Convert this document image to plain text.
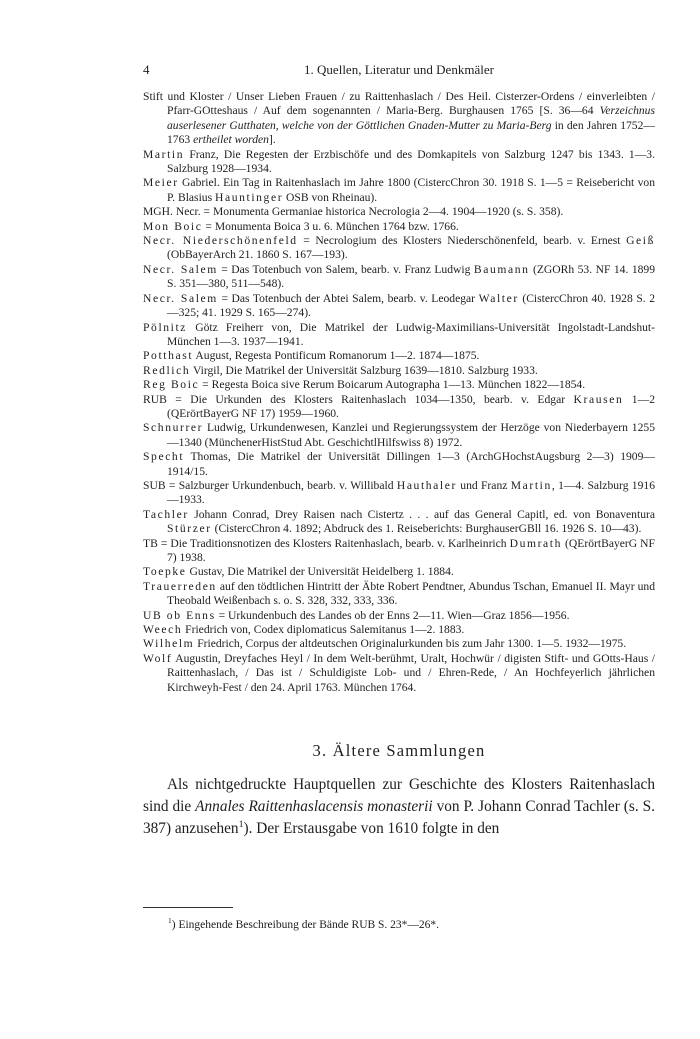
4	1. Quellen, Literatur und Denkmäler

Stift und Kloster / Unser Lieben Frauen / zu Raittenhaslach / Des Heil. Cisterzer-Ordens / einverleibten / Pfarr-GOtteshaus / Auf dem sogenannten / Maria-Berg. Burghausen 1765 [S. 36—64 Verzeichnus auserlesener Gutthaten, welche von der Göttlichen Gnaden-Mutter zu Maria-Berg in den Jahren 1752—1763 ertheilet worden].

Martin Franz, Die Regesten der Erzbischöfe und des Domkapitels von Salzburg 1247 bis 1343. 1—3. Salzburg 1928—1934.

Meier Gabriel. Ein Tag in Raitenhaslach im Jahre 1800 (CistercChron 30. 1918 S. 1—5 = Reisebericht von P. Blasius Hauntinger OSB von Rheinau).

MGH. Necr. = Monumenta Germaniae historica Necrologia 2—4. 1904—1920 (s. S. 358).

Mon Boic = Monumenta Boica 3 u. 6. München 1764 bzw. 1766.

Necr. Niederschönenfeld = Necrologium des Klosters Niederschönenfeld, bearb. v. Ernest Geiß (ObBayerArch 21. 1860 S. 167—193).

Necr. Salem = Das Totenbuch von Salem, bearb. v. Franz Ludwig Baumann (ZGORh 53. NF 14. 1899 S. 351—380, 511—548).

Necr. Salem = Das Totenbuch der Abtei Salem, bearb. v. Leodegar Walter (CistercChron 40. 1928 S. 2—325; 41. 1929 S. 165—274).

Pölnitz Götz Freiherr von, Die Matrikel der Ludwig-Maximilians-Universität Ingolstadt-Landshut-München 1—3. 1937—1941.

Potthast August, Regesta Pontificum Romanorum 1—2. 1874—1875.

Redlich Virgil, Die Matrikel der Universität Salzburg 1639—1810. Salzburg 1933.

Reg Boic = Regesta Boica sive Rerum Boicarum Autographa 1—13. München 1822—1854.

RUB = Die Urkunden des Klosters Raitenhaslach 1034—1350, bearb. v. Edgar Krausen 1—2 (QErörtBayerG NF 17) 1959—1960.

Schnurrer Ludwig, Urkundenwesen, Kanzlei und Regierungssystem der Herzöge von Niederbayern 1255—1340 (MünchenerHistStud Abt. GeschichtlHilfswiss 8) 1972.

Specht Thomas, Die Matrikel der Universität Dillingen 1—3 (ArchGHochstAugsburg 2—3) 1909—1914/15.

SUB = Salzburger Urkundenbuch, bearb. v. Willibald Hauthaler und Franz Martin, 1—4. Salzburg 1916—1933.

Tachler Johann Conrad, Drey Raisen nach Cistertz . . . auf das General Capitl, ed. von Bonaventura Stürzer (CistercChron 4. 1892; Abdruck des 1. Reiseberichts: BurghauserGBll 16. 1926 S. 10—43).

TB = Die Traditionsnotizen des Klosters Raitenhaslach, bearb. v. Karlheinrich Dumrath (QErörtBayerG NF 7) 1938.

Toepke Gustav, Die Matrikel der Universität Heidelberg 1. 1884.

Trauerreden auf den tödtlichen Hintritt der Äbte Robert Pendtner, Abundus Tschan, Emanuel II. Mayr und Theobald Weißenbach s. o. S. 328, 332, 333, 336.

UB ob Enns = Urkundenbuch des Landes ob der Enns 2—11. Wien—Graz 1856—1956.

Weech Friedrich von, Codex diplomaticus Salemitanus 1—2. 1883.

Wilhelm Friedrich, Corpus der altdeutschen Originalurkunden bis zum Jahr 1300. 1—5. 1932—1975.

Wolf Augustin, Dreyfaches Heyl / In dem Welt-berühmt, Uralt, Hochwür / digisten Stift- und GOtts-Haus / Raittenhaslach, / Das ist / Schuldigiste Lob- und / Ehren-Rede, / An Hochfeyerlich jährlichen Kirchweyh-Fest / den 24. April 1763. München 1764.

3. Ältere Sammlungen

Als nichtgedruckte Hauptquellen zur Geschichte des Klosters Raitenhaslach sind die Annales Raittenhaslacensis monasterii von P. Johann Conrad Tachler (s. S. 387) anzusehen$^1$). Der Erstausgabe von 1610 folgte in den

$^1$) Eingehende Beschreibung der Bände RUB S. 23*—26*.
